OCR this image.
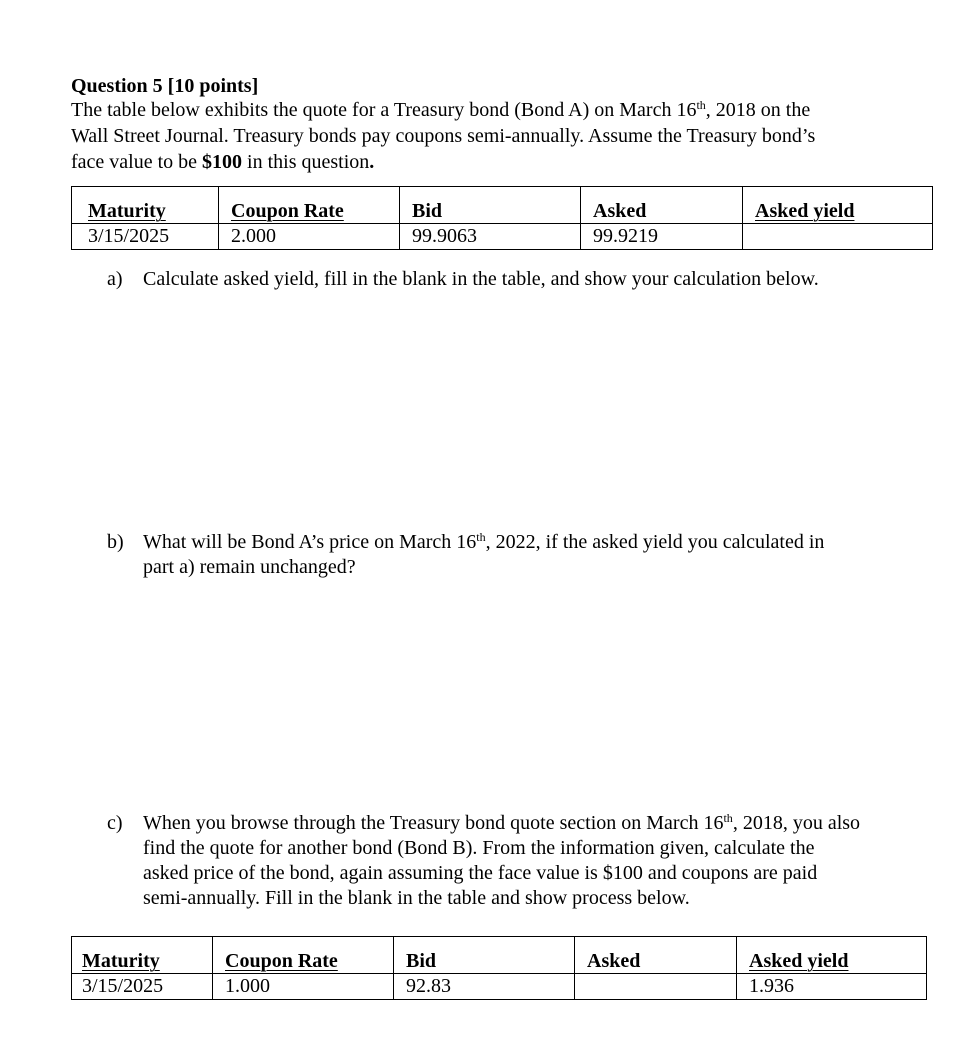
Question 5 [10 points]
The table below exhibits the quote for a Treasury bond (Bond A) on March 16th, 2018 on the
Wall Street Journal. Treasury bonds pay coupons semi-annually. Assume the Treasury bond’s
face value to be $100 in this question.
Maturity	Coupon Rate	Bid	Asked	Asked yield
3/15/2025	2.000	99.9063	99.9219	
a) Calculate asked yield, fill in the blank in the table, and show your calculation below.
b) What will be Bond A’s price on March 16th, 2022, if the asked yield you calculated in
part a) remain unchanged?
c) When you browse through the Treasury bond quote section on March 16th, 2018, you also
find the quote for another bond (Bond B). From the information given, calculate the
asked price of the bond, again assuming the face value is $100 and coupons are paid
semi-annually. Fill in the blank in the table and show process below.
Maturity	Coupon Rate	Bid	Asked	Asked yield
3/15/2025	1.000	92.83		1.936
